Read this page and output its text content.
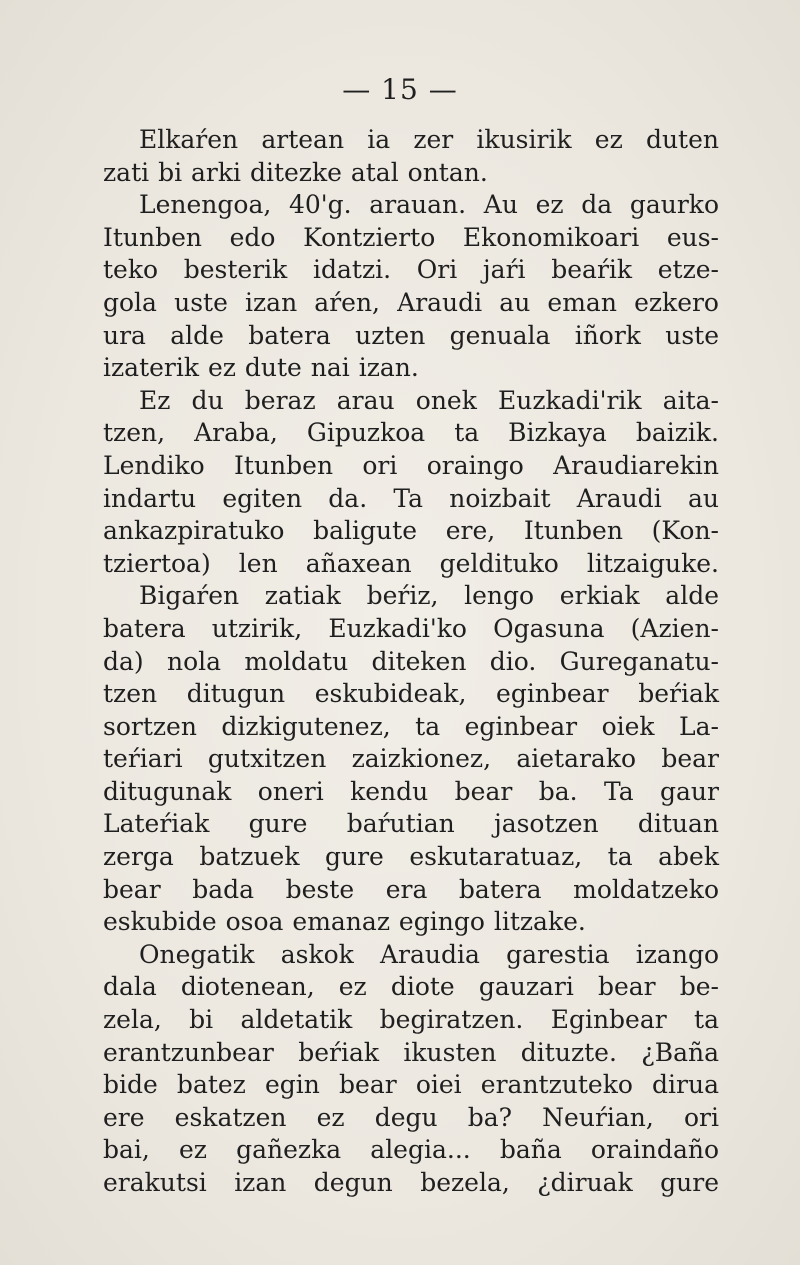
— 15 —
Elkaŕen artean ia zer ikusirik ez duten
zati bi arki ditezke atal ontan.
Lenengoa, 40'g. arauan. Au ez da gaurko
Itunben edo Kontzierto Ekonomikoari eus-
teko besterik idatzi. Ori jaŕi beaŕik etze-
gola uste izan aŕen, Araudi au eman ezkero
ura alde batera uzten genuala iñork uste
izaterik ez dute nai izan.
Ez du beraz arau onek Euzkadi'rik aita-
tzen, Araba, Gipuzkoa ta Bizkaya baizik.
Lendiko Itunben ori oraingo Araudiarekin
indartu egiten da. Ta noizbait Araudi au
ankazpiratuko baligute ere, Itunben (Kon-
tziertoa) len añaxean geldituko litzaiguke.
Bigaŕen zatiak beŕiz, lengo erkiak alde
batera utzirik, Euzkadi'ko Ogasuna (Azien-
da) nola moldatu diteken dio. Gureganatu-
tzen ditugun eskubideak, eginbear beŕiak
sortzen dizkigutenez, ta eginbear oiek La-
teŕiari gutxitzen zaizkionez, aietarako bear
ditugunak oneri kendu bear ba. Ta gaur
Lateŕiak gure baŕutian jasotzen dituan
zerga batzuek gure eskutaratuaz, ta abek
bear bada beste era batera moldatzeko
eskubide osoa emanaz egingo litzake.
Onegatik askok Araudia garestia izango
dala diotenean, ez diote gauzari bear be-
zela, bi aldetatik begiratzen. Eginbear ta
erantzunbear beŕiak ikusten dituzte. ¿Baña
bide batez egin bear oiei erantzuteko dirua
ere eskatzen ez degu ba? Neuŕian, ori
bai, ez gañezka alegia... baña oraindaño
erakutsi izan degun bezela, ¿diruak gure
